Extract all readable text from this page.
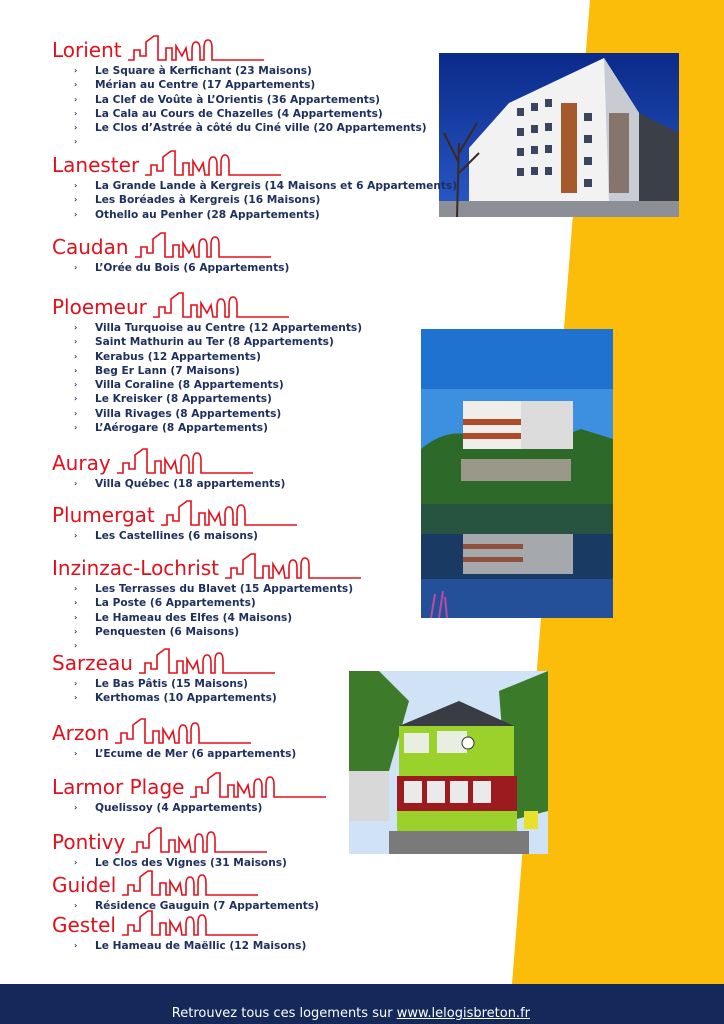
Lorient
› Le Square à Kerfichant (23 Maisons)
› Mérian au Centre (17 Appartements)
› La Clef de Voûte à L’Orientis (36 Appartements)
› La Cala au Cours de Chazelles (4 Appartements)
› Le Clos d’Astrée à côté du Ciné ville (20 Appartements)
›
Lanester
› La Grande Lande à Kergreis (14 Maisons et 6 Appartements)
› Les Boréades à Kergreis (16 Maisons)
› Othello au Penher (28 Appartements)
Caudan
› L’Orée du Bois (6 Appartements)
Ploemeur
› Villa Turquoise au Centre (12 Appartements)
› Saint Mathurin au Ter (8 Appartements)
› Kerabus (12 Appartements)
› Beg Er Lann (7 Maisons)
› Villa Coraline (8 Appartements)
› Le Kreisker (8 Appartements)
› Villa Rivages (8 Appartements)
› L’Aérogare (8 Appartements)
Auray
› Villa Québec (18 appartements)
Plumergat
› Les Castellines (6 maisons)
Inzinzac-Lochrist
› Les Terrasses du Blavet (15 Appartements)
› La Poste (6 Appartements)
› Le Hameau des Elfes (4 Maisons)
› Penquesten (6 Maisons)
›
Sarzeau
› Le Bas Pâtis (15 Maisons)
› Kerthomas (10 Appartements)
Arzon
› L’Ecume de Mer (6 appartements)
Larmor Plage
› Quelissoy (4 Appartements)
Pontivy
› Le Clos des Vignes (31 Maisons)
Guidel
› Résidence Gauguin (7 Appartements)
Gestel
› Le Hameau de Maëllic (12 Maisons)
Retrouvez tous ces logements sur www.lelogisbreton.fr
